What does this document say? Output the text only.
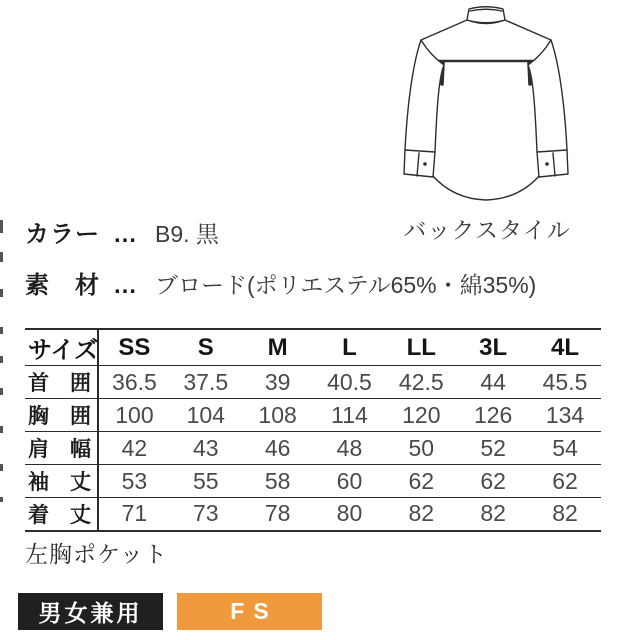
バックスタイル
カラー … B9. 黒
素　材 … ブロード(ポリエステル65%・綿35%)
サイズ	SS	S	M	L	LL	3L	4L
首　囲	36.5	37.5	39	40.5	42.5	44	45.5
胸　囲	100	104	108	114	120	126	134
肩　幅	42	43	46	48	50	52	54
袖　丈	53	55	58	60	62	62	62
着　丈	71	73	78	80	82	82	82
左胸ポケット
男女兼用	FS
